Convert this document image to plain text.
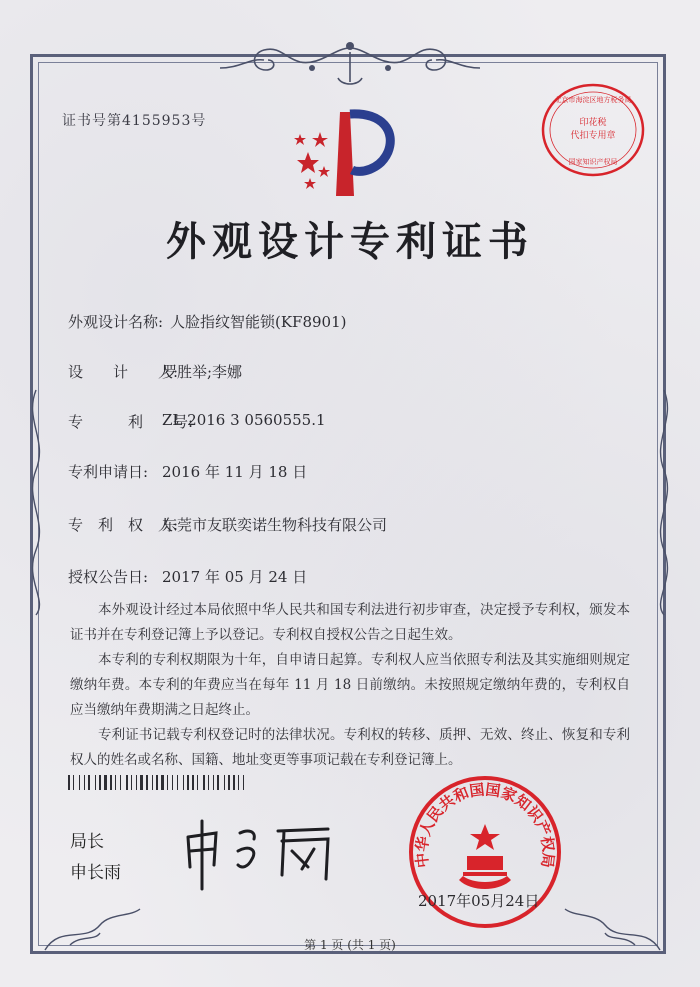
证书号第4155953号	印花税
代扣专用章
北京市海淀区地方税务局
国家知识产权局
外观设计专利证书
外观设计名称: 人脸指纹智能锁(KF8901)
设　　计　　人:
罗胜举;李娜
专　　　利　　号:
ZL 2016 3 0560555.1
专利申请日: 2016 年 11 月 18 日
专　利　权　人:
东莞市友联奕诺生物科技有限公司
授权公告日: 2017 年 05 月 24 日

本外观设计经过本局依照中华人民共和国专利法进行初步审查，决定授予专利权，颁发本证书并在专利登记簿上予以登记。专利权自授权公告之日起生效。

本专利的专利权期限为十年，自申请日起算。专利权人应当依照专利法及其实施细则规定缴纳年费。本专利的年费应当在每年 11 月 18 日前缴纳。未按照规定缴纳年费的，专利权自应当缴纳年费期满之日起终止。

专利证书记载专利权登记时的法律状况。专利权的转移、质押、无效、终止、恢复和专利权人的姓名或名称、国籍、地址变更等事项记载在专利登记簿上。

局长
申长雨
中华人民共和国国家知识产权局
2017年05月24日
第 1 页 (共 1 页)
